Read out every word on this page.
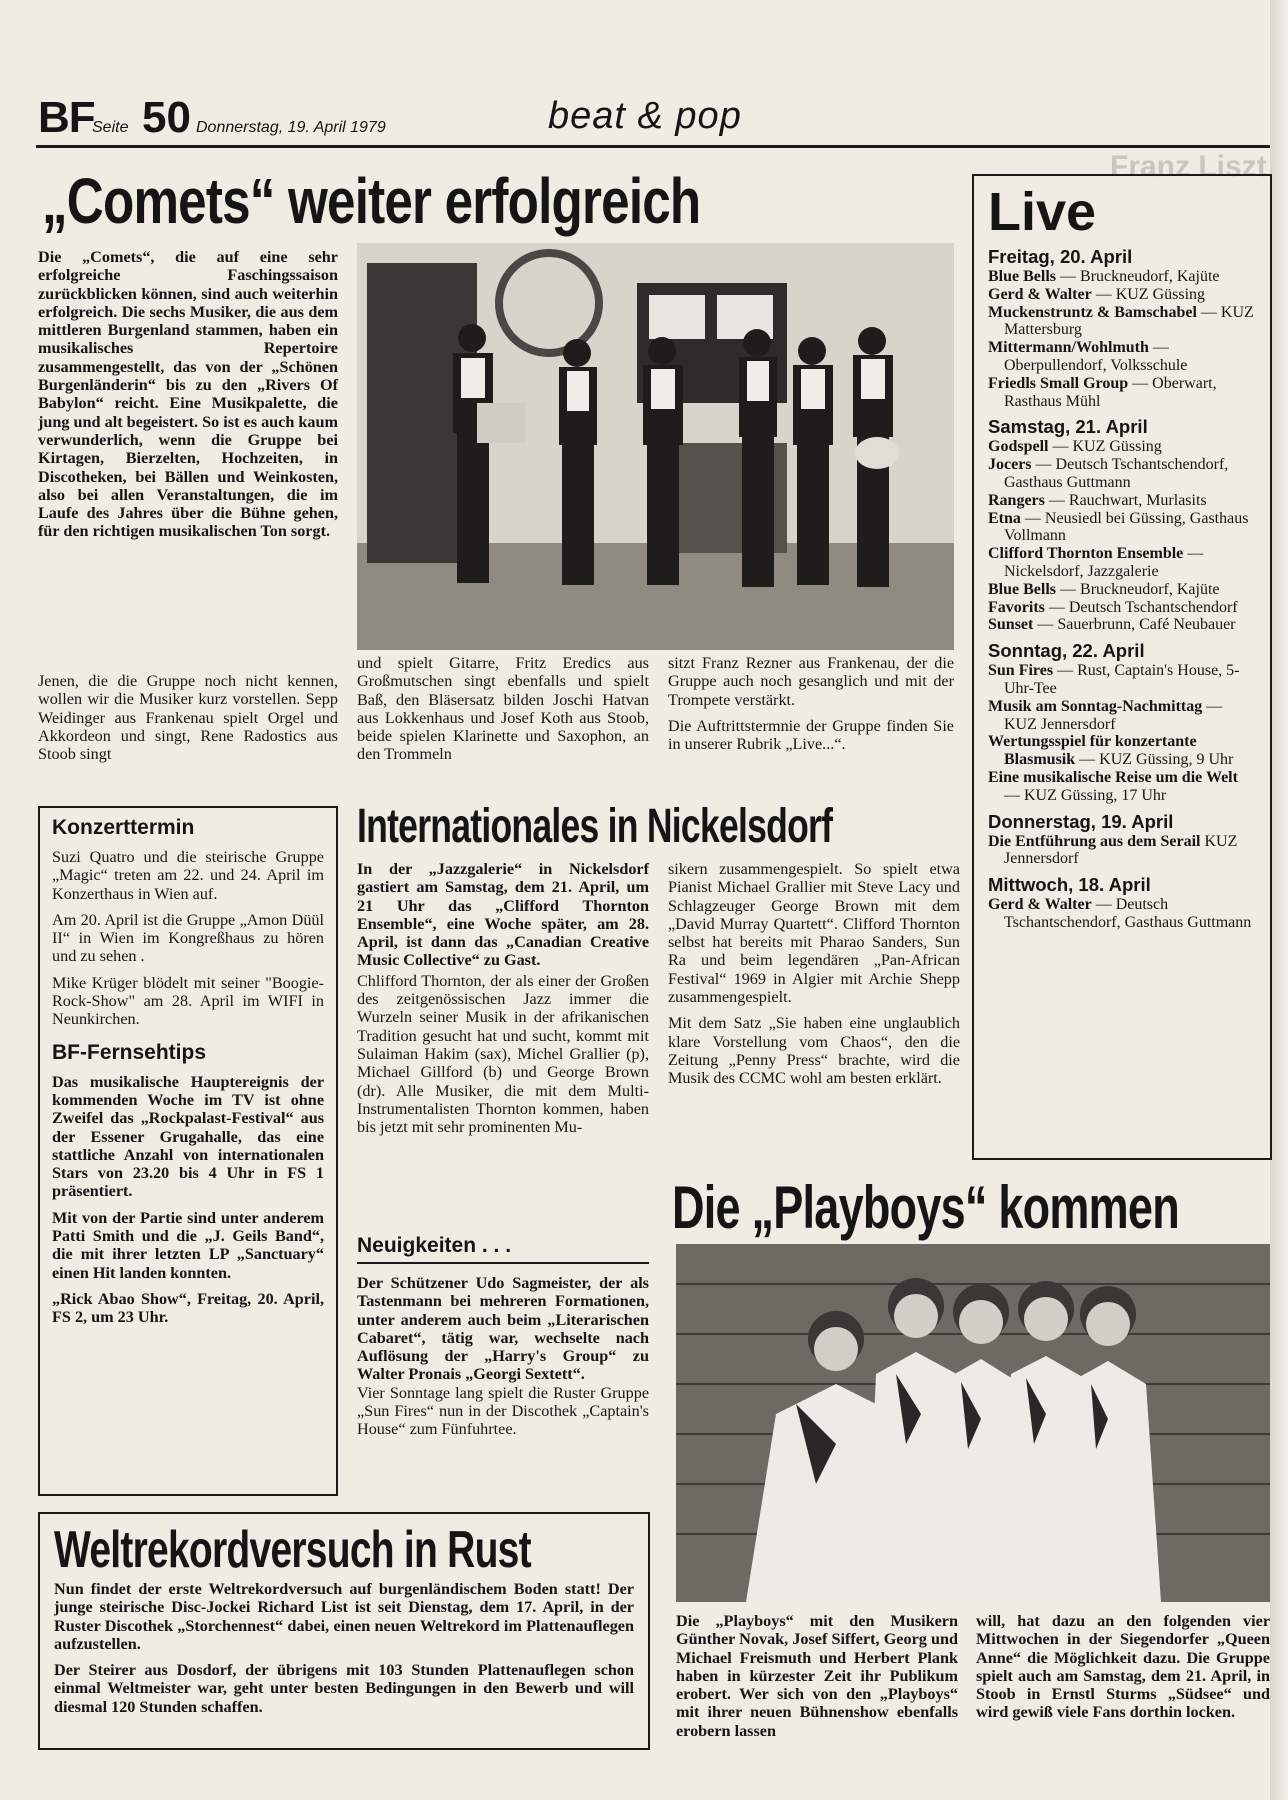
BF
Seite 50 Donnerstag, 19. April 1979	beat & pop
Franz Liszt
„Comets“ weiter erfolgreich

Die „Comets“, die auf eine sehr erfolgreiche Faschingssaison zurückblicken können, sind auch weiterhin erfolgreich. Die sechs Musiker, die aus dem mittleren Burgenland stammen, haben ein musikalisches Repertoire zusammengestellt, das von der „Schönen Burgenländerin“ bis zu den „Rivers Of Babylon“ reicht. Eine Musikpalette, die jung und alt begeistert. So ist es auch kaum verwunderlich, wenn die Gruppe bei Kirtagen, Bierzelten, Hochzeiten, in Discotheken, bei Bällen und Weinkosten, also bei allen Veranstaltungen, die im Laufe des Jahres über die Bühne gehen, für den richtigen musikalischen Ton sorgt.

Jenen, die die Gruppe noch nicht kennen, wollen wir die Musiker kurz vorstellen. Sepp Weidinger aus Frankenau spielt Orgel und Akkordeon und singt, Rene Radostics aus Stoob singt

und spielt Gitarre, Fritz Eredics aus Großmutschen singt ebenfalls und spielt Baß, den Bläsersatz bilden Joschi Hatvan aus Lokkenhaus und Josef Koth aus Stoob, beide spielen Klarinette und Saxophon, an den Trommeln

sitzt Franz Rezner aus Frankenau, der die Gruppe auch noch gesanglich und mit der Trompete verstärkt.

Die Auftrittstermnie der Gruppe finden Sie in unserer Rubrik „Live...“.

Live
Freitag, 20. April
Blue Bells — Bruckneudorf, Kajüte
Gerd & Walter — KUZ Güssing
Muckenstruntz & Bamschabel — KUZ Mattersburg
Mittermann/Wohlmuth — Oberpullendorf, Volksschule
Friedls Small Group — Oberwart, Rasthaus Mühl
Samstag, 21. April
Godspell — KUZ Güssing
Jocers — Deutsch Tschantschendorf, Gasthaus Guttmann
Rangers — Rauchwart, Murlasits
Etna — Neusiedl bei Güssing, Gasthaus Vollmann
Clifford Thornton Ensemble — Nickelsdorf, Jazzgalerie
Blue Bells — Bruckneudorf, Kajüte
Favorits — Deutsch Tschantschendorf
Sunset — Sauerbrunn, Café Neubauer
Sonntag, 22. April
Sun Fires — Rust, Captain's House, 5-Uhr-Tee
Musik am Sonntag-Nachmittag — KUZ Jennersdorf
Wertungsspiel für konzertante Blasmusik — KUZ Güssing, 9 Uhr
Eine musikalische Reise um die Welt — KUZ Güssing, 17 Uhr
Donnerstag, 19. April
Die Entführung aus dem Serail KUZ Jennersdorf
Mittwoch, 18. April
Gerd & Walter — Deutsch Tschantschendorf, Gasthaus Guttmann
Konzerttermin

Suzi Quatro und die steirische Gruppe „Magic“ treten am 22. und 24. April im Konzerthaus in Wien auf.

Am 20. April ist die Gruppe „Amon Düül II“ in Wien im Kongreßhaus zu hören und zu sehen .

Mike Krüger blödelt mit seiner "Boogie-Rock-Show" am 28. April im WIFI in Neunkirchen.

BF-Fernsehtips

Das musikalische Haupterеignis der kommenden Woche im TV ist ohne Zweifel das „Rockpalast-Festival“ aus der Essener Grugahalle, das eine stattliche Anzahl von internationalen Stars von 23.20 bis 4 Uhr in FS 1 präsentiert.

Mit von der Partie sind unter anderem Patti Smith und die „J. Geils Band“, die mit ihrer letzten LP „Sanctuary“ einen Hit landen konnten.

„Rick Abao Show“, Freitag, 20. April, FS 2, um 23 Uhr.

Internationales in Nickelsdorf

In der „Jazzgalerie“ in Nickelsdorf gastiert am Samstag, dem 21. April, um 21 Uhr das „Clifford Thornton Ensemble“, eine Woche später, am 28. April, ist dann das „Canadian Creative Music Collective“ zu Gast.

Chlifford Thornton, der als einer der Großen des zeitgenössischen Jazz immer die Wurzeln seiner Musik in der afrikanischen Tradition gesucht hat und sucht, kommt mit Sulaiman Hakim (sax), Michel Grallier (p), Michael Gillford (b) und George Brown (dr). Alle Musiker, die mit dem Multi-Instrumentalisten Thornton kommen, haben bis jetzt mit sehr prominenten Mu-

sikern zusammengespielt. So spielt etwa Pianist Michael Grallier mit Steve Lacy und Schlagzeuger George Brown mit dem „David Murray Quartett“. Clifford Thornton selbst hat bereits mit Pharao Sanders, Sun Ra und beim legendären „Pan-African Festival“ 1969 in Algier mit Archie Shepp zusammengespielt.

Mit dem Satz „Sie haben eine unglaublich klare Vorstellung vom Chaos“, den die Zeitung „Penny Press“ brachte, wird die Musik des CCMC wohl am besten erklärt.

Neuigkeiten . . .

Der Schützener Udo Sagmeister, der als Tastenmann bei mehreren Formationen, unter anderem auch beim „Literarischen Cabaret“, tätig war, wechselte nach Auflösung der „Harry's Group“ zu Walter Pronais „Georgi Sextett“.

Vier Sonntage lang spielt die Ruster Gruppe „Sun Fires“ nun in der Discothek „Captain's House“ zum Fünfuhrtee.

Die „Playboys“ kommen

Die „Playboys“ mit den Musikern Günther Novak, Josef Siffert, Georg und Michael Freismuth und Herbert Plank haben in kürzester Zeit ihr Publikum erobert. Wer sich von den „Playboys“ mit ihrer neuen Bühnenshow ebenfalls erobern lassen

will, hat dazu an den folgenden vier Mittwochen in der Siegendorfer „Queen Anne“ die Möglichkeit dazu. Die Gruppe spielt auch am Samstag, dem 21. April, in Stoob in Ernstl Sturms „Südsee“ und wird gewiß viele Fans dorthin locken.

Weltrekordversuch in Rust

Nun findet der erste Weltrekordversuch auf burgenländischem Boden statt! Der junge steirische Disc-Jockei Richard List ist seit Dienstag, dem 17. April, in der Ruster Discothek „Storchennest“ dabei, einen neuen Weltrekord im Plattenauflegen aufzustellen.

Der Steirer aus Dosdorf, der übrigens mit 103 Stunden Plattenauflegen schon einmal Weltmeister war, geht unter besten Bedingungen in den Bewerb und will diesmal 120 Stunden schaffen.
